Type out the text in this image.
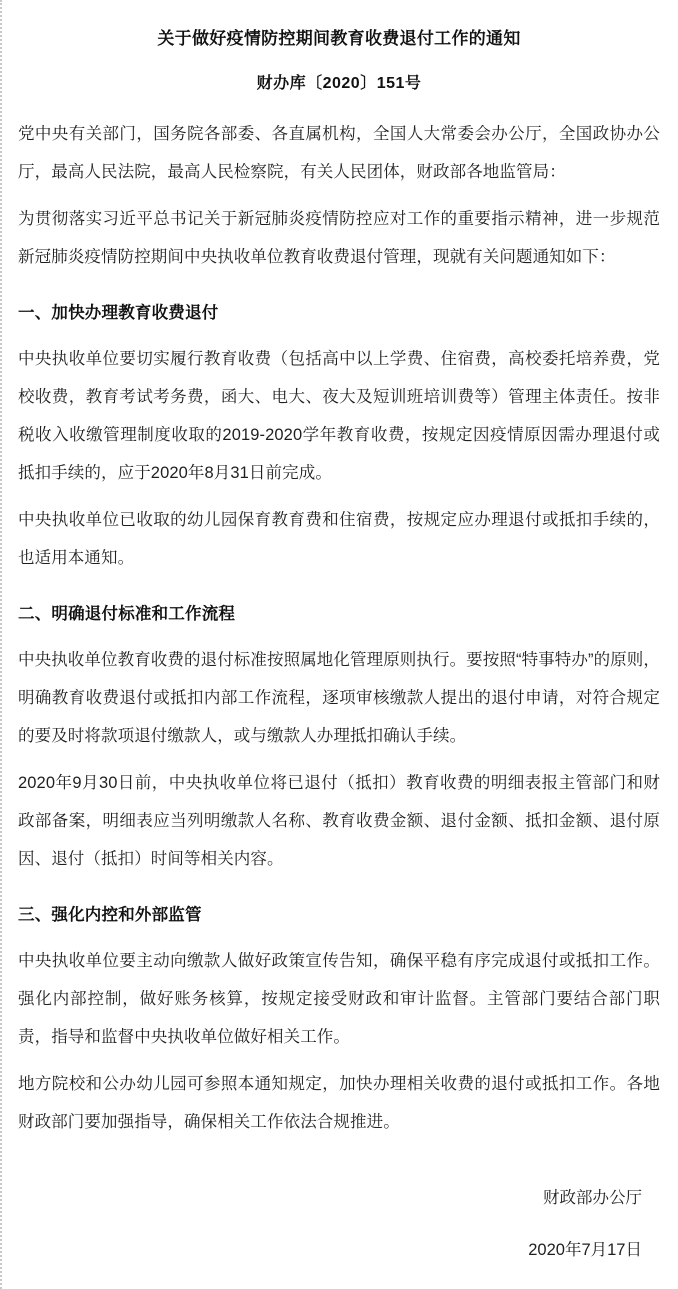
关于做好疫情防控期间教育收费退付工作的通知
财办库〔2020〕151号

党中央有关部门，国务院各部委、各直属机构，全国人大常委会办公厅，全国政协办公厅，最高人民法院，最高人民检察院，有关人民团体，财政部各地监管局：

为贯彻落实习近平总书记关于新冠肺炎疫情防控应对工作的重要指示精神，进一步规范新冠肺炎疫情防控期间中央执收单位教育收费退付管理，现就有关问题通知如下：

一、加快办理教育收费退付

中央执收单位要切实履行教育收费（包括高中以上学费、住宿费，高校委托培养费，党校收费，教育考试考务费，函大、电大、夜大及短训班培训费等）管理主体责任。按非税收入收缴管理制度收取的2019-2020学年教育收费，按规定因疫情原因需办理退付或抵扣手续的，应于2020年8月31日前完成。

中央执收单位已收取的幼儿园保育教育费和住宿费，按规定应办理退付或抵扣手续的，也适用本通知。

二、明确退付标准和工作流程

中央执收单位教育收费的退付标准按照属地化管理原则执行。要按照“特事特办”的原则，明确教育收费退付或抵扣内部工作流程，逐项审核缴款人提出的退付申请，对符合规定的要及时将款项退付缴款人，或与缴款人办理抵扣确认手续。

2020年9月30日前，中央执收单位将已退付（抵扣）教育收费的明细表报主管部门和财政部备案，明细表应当列明缴款人名称、教育收费金额、退付金额、抵扣金额、退付原因、退付（抵扣）时间等相关内容。

三、强化内控和外部监管

中央执收单位要主动向缴款人做好政策宣传告知，确保平稳有序完成退付或抵扣工作。强化内部控制，做好账务核算，按规定接受财政和审计监督。主管部门要结合部门职责，指导和监督中央执收单位做好相关工作。

地方院校和公办幼儿园可参照本通知规定，加快办理相关收费的退付或抵扣工作。各地财政部门要加强指导，确保相关工作依法合规推进。

财政部办公厅
2020年7月17日
